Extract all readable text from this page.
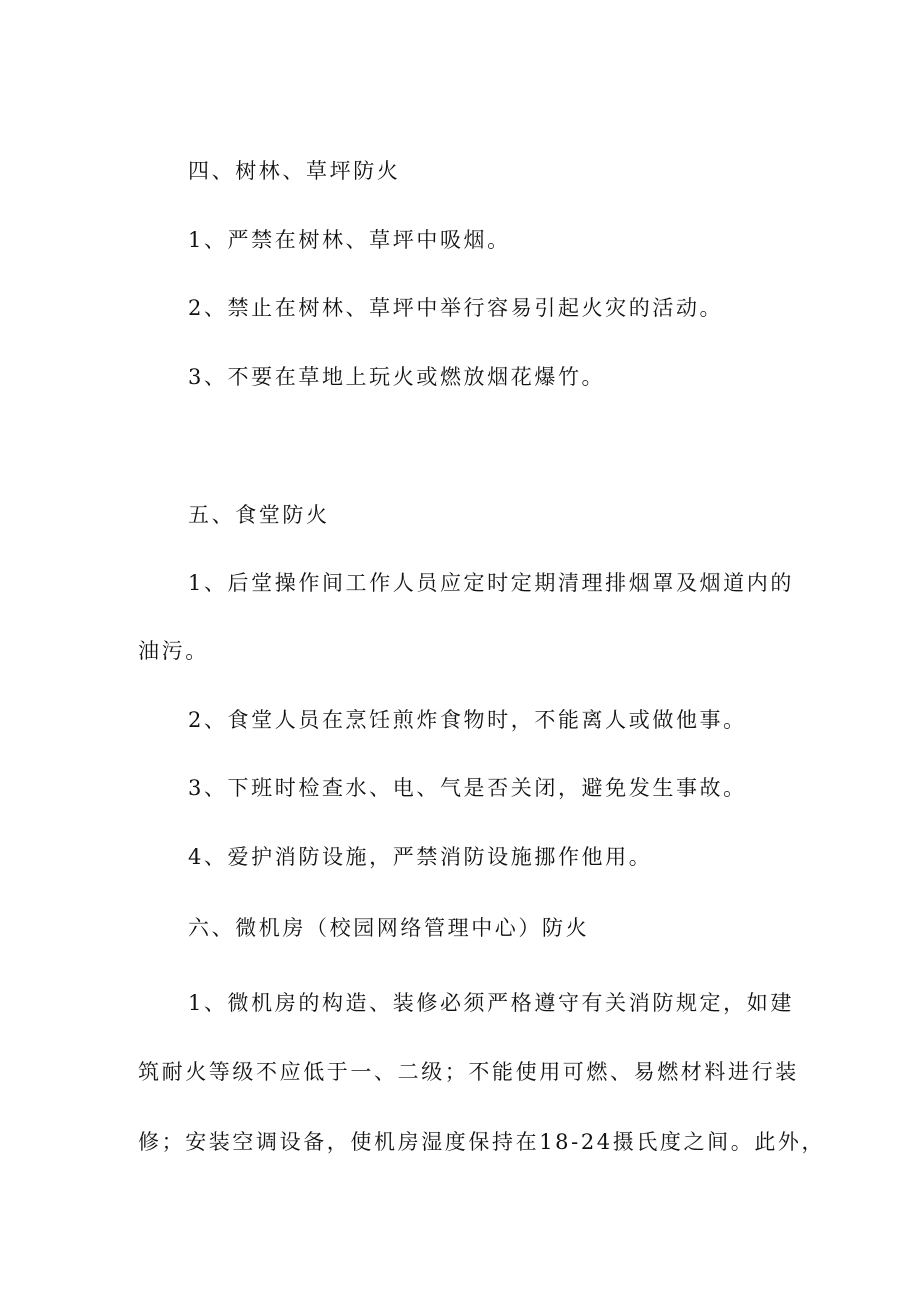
四、树林、草坪防火
1、严禁在树林、草坪中吸烟。
2、禁止在树林、草坪中举行容易引起火灾的活动。
3、不要在草地上玩火或燃放烟花爆竹。
五、食堂防火
1、后堂操作间工作人员应定时定期清理排烟罩及烟道内的
油污。
2、食堂人员在烹饪煎炸食物时，不能离人或做他事。
3、下班时检查水、电、气是否关闭，避免发生事故。
4、爱护消防设施，严禁消防设施挪作他用。
六、微机房（校园网络管理中心）防火
1、微机房的构造、装修必须严格遵守有关消防规定，如建
筑耐火等级不应低于一、二级；不能使用可燃、易燃材料进行装
修；安装空调设备，使机房湿度保持在18-24摄氏度之间。此外，
